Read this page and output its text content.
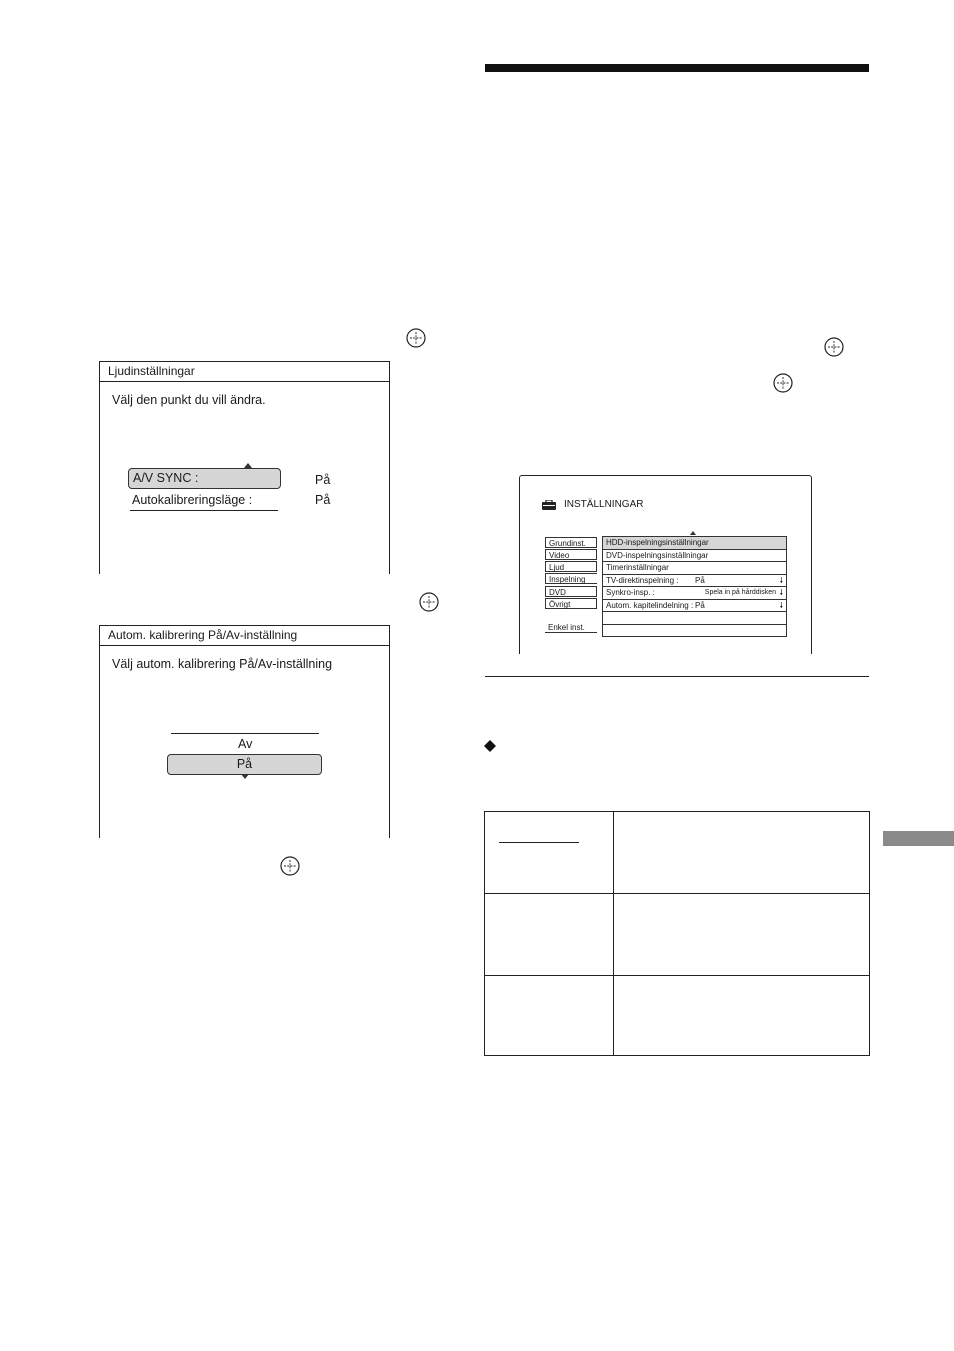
Ljudinställningar
Välj den punkt du vill ändra.
A/V SYNC :	På
Autokalibreringsläge :	På
Autom. kalibrering På/Av-inställning
Välj autom. kalibrering På/Av-inställning
Av
På
INSTÄLLNINGAR
Grundinst.
Video
Ljud
Inspelning
DVD
Övrigt
Enkel inst.
HDD-inspelningsinställningar
DVD-inspelningsinställningar
Timerinställningar
TV-direktinspelning : På	🠗
Synkro-insp. :	Spela in på hårddisken 🠗
Autom. kapitelindelning : På	🠗
